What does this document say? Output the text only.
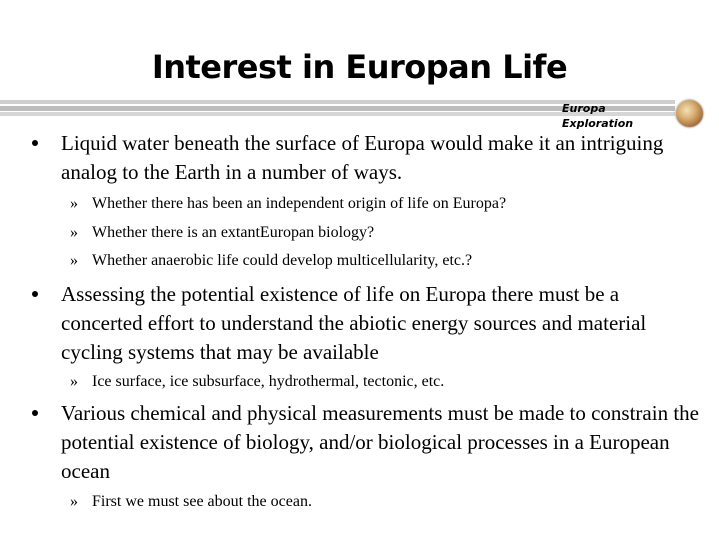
Interest in Europan Life
Europa
Exploration
Liquid water beneath the surface of Europa would make it an intriguing analog to the Earth in a number of ways.
» Whether there has been an independent origin of life on Europa?
» Whether there is an extantEuropan biology?
» Whether anaerobic life could develop multicellularity, etc.?
Assessing the potential existence of life on Europa there must be a concerted effort to understand the abiotic energy sources and material cycling systems that may be available
» Ice surface, ice subsurface, hydrothermal, tectonic, etc.
Various chemical and physical measurements must be made to constrain the potential existence of biology, and/or biological processes in a European ocean
» First we must see about the ocean.
